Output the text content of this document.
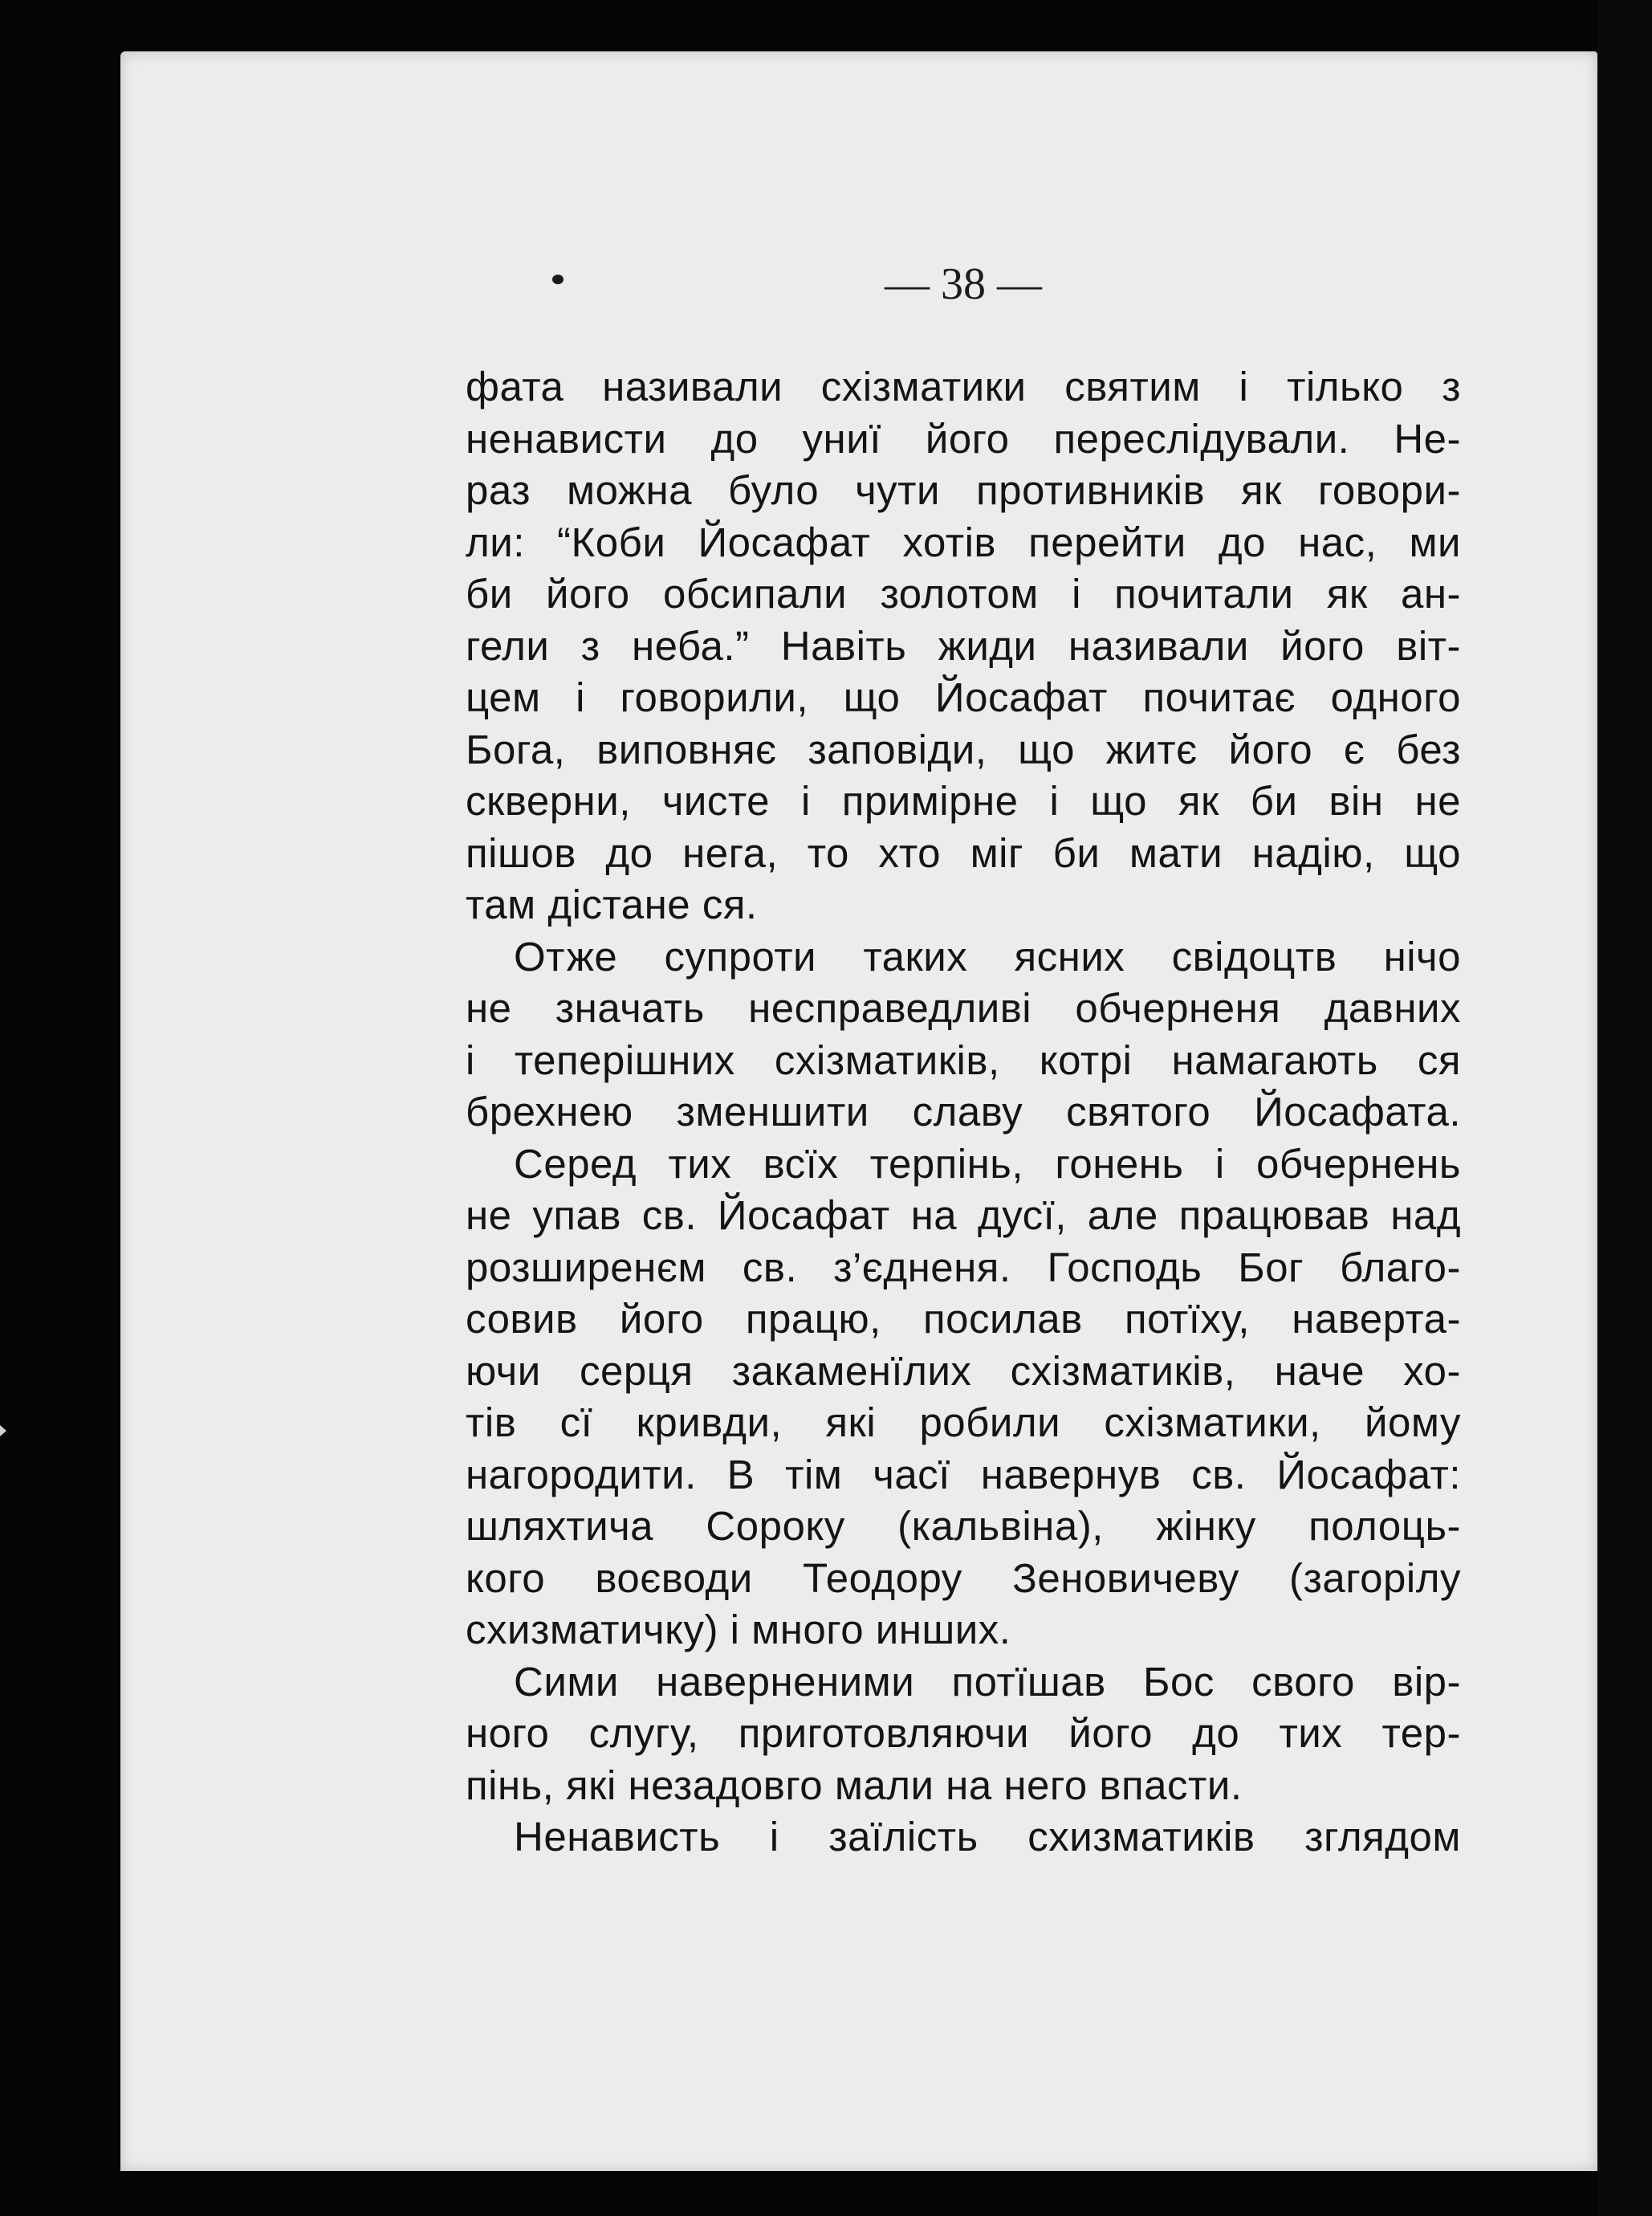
— 38 —
фата називали схізматики святим і тілько з
ненависти до униї його переслідували. Не-
раз можна було чути противників як говори-
ли: “Коби Йосафат хотів перейти до нас, ми
би його обсипали золотом і почитали як ан-
гели з неба.” Навіть жиди називали його віт-
цем і говорили, що Йосафат почитає одного
Бога, виповняє заповіди, що житє його є без
скверни, чисте і примірне і що як би він не
пішов до нега, то хто міг би мати надію, що
там дістане ся.
Отже супроти таких ясних свідоцтв нічо
не значать несправедливі обчерненя давних
і теперішних схізматиків, котрі намагають ся
брехнею зменшити славу святого Йосафата.
Серед тих всїх терпінь, гонень і обчернень
не упав св. Йосафат на дусї, але працював над
розширенєм св. з’єдненя. Господь Бог благо-
совив його працю, посилав потїху, наверта-
ючи серця закаменїлих схізматиків, наче хо-
тів сї кривди, які робили схізматики, йому
нагородити. В тім часї навернув св. Йосафат:
шляхтича Сороку (кальвіна), жінку полоць-
кого воєводи Теодору Зеновичеву (загорілу
схизматичку) і много инших.
Сими наверненими потїшав Бос свого вір-
ного слугу, приготовляючи його до тих тер-
пінь, які незадовго мали на него впасти.
Ненависть і заїлість схизматиків зглядом
